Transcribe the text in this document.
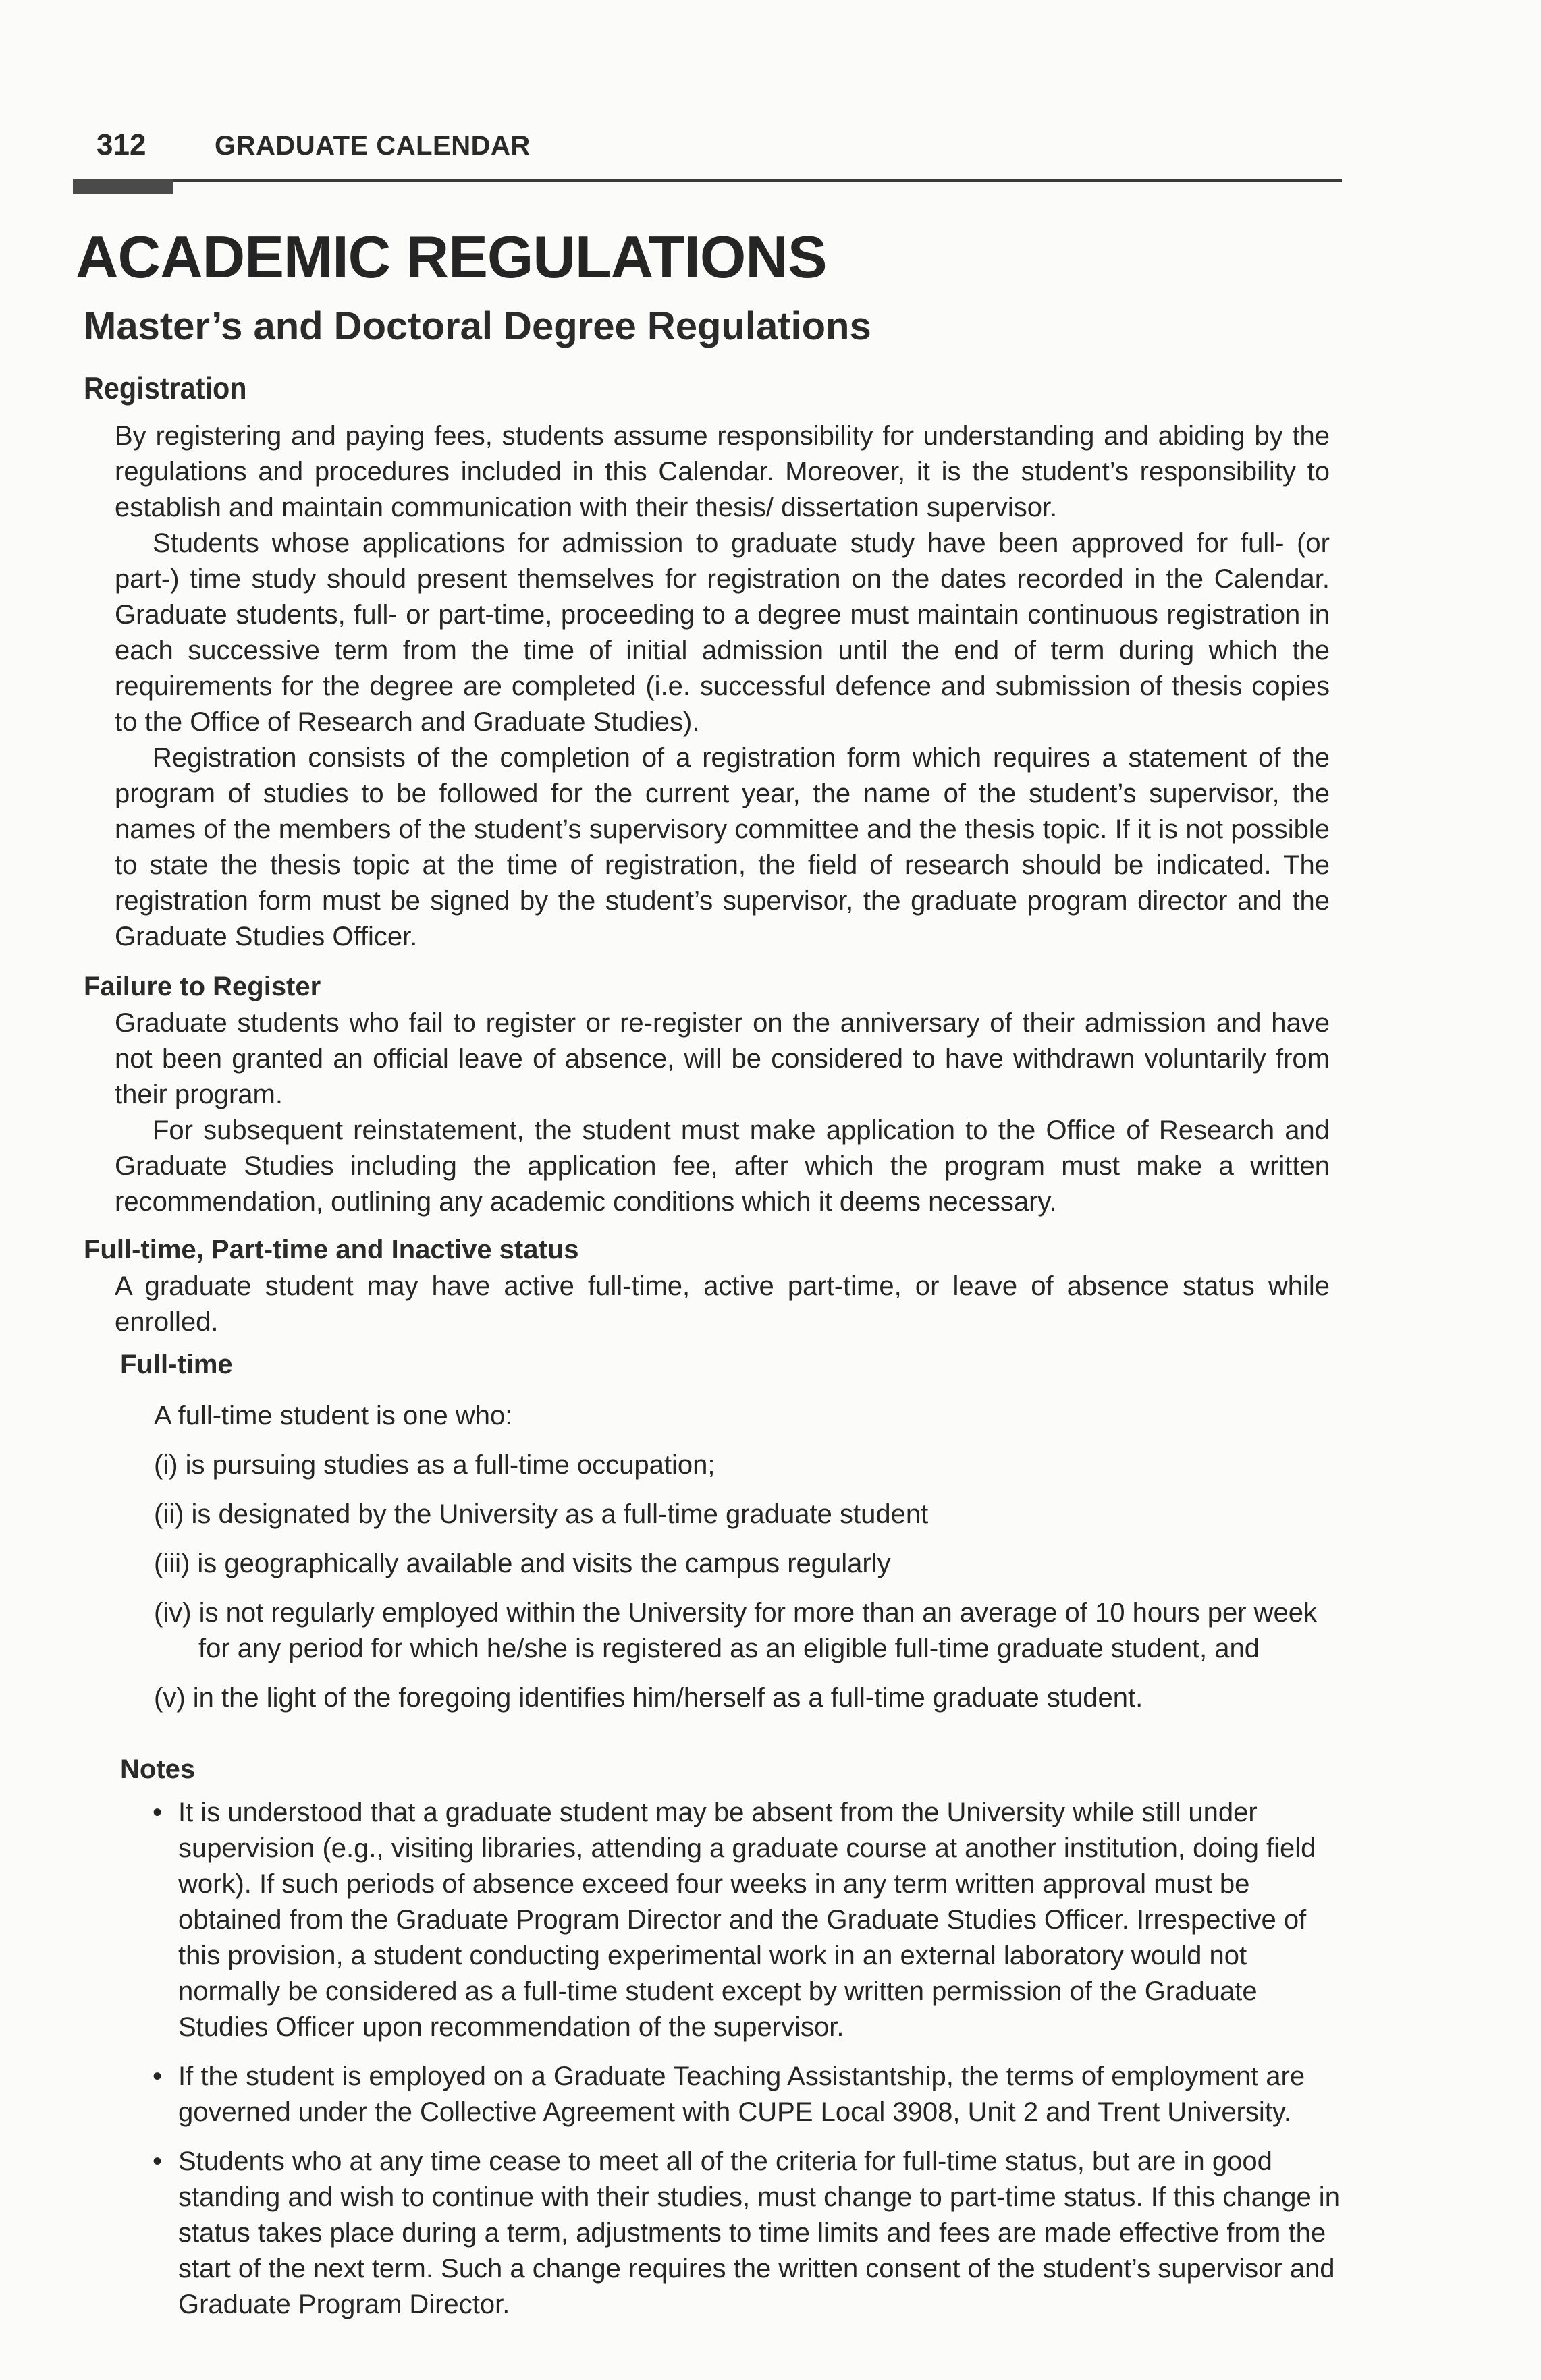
312	GRADUATE CALENDAR
ACADEMIC REGULATIONS
Master’s and Doctoral Degree Regulations
Registration

By registering and paying fees, students assume responsibility for understanding and abiding by the regulations and procedures included in this Calendar. Moreover, it is the student’s responsibility to establish and maintain communication with their thesis/ dissertation supervisor.

Students whose applications for admission to graduate study have been approved for full- (or part-) time study should present themselves for registration on the dates recorded in the Calendar. Graduate students, full- or part-time, proceeding to a degree must maintain continuous registration in each successive term from the time of initial admission until the end of term during which the requirements for the degree are completed (i.e. successful defence and submission of thesis copies to the Office of Research and Graduate Studies).

Registration consists of the completion of a registration form which requires a statement of the program of studies to be followed for the current year, the name of the student’s supervisor, the names of the members of the student’s supervisory committee and the thesis topic. If it is not possible to state the thesis topic at the time of registration, the field of research should be indicated. The registration form must be signed by the student’s supervisor, the graduate program director and the Graduate Studies Officer.

Failure to Register

Graduate students who fail to register or re-register on the anniversary of their admission and have not been granted an official leave of absence, will be considered to have withdrawn voluntarily from their program.

For subsequent reinstatement, the student must make application to the Office of Research and Graduate Studies including the application fee, after which the program must make a written recommendation, outlining any academic conditions which it deems necessary.

Full-time, Part-time and Inactive status

A graduate student may have active full-time, active part-time, or leave of absence status while enrolled.

Full-time
A full-time student is one who:
(i) is pursuing studies as a full-time occupation;
(ii) is designated by the University as a full-time graduate student
(iii) is geographically available and visits the campus regularly
(iv) is not regularly employed within the University for more than an average of 10 hours per week for any period for which he/she is registered as an eligible full-time graduate student, and
(v) in the light of the foregoing identifies him/herself as a full-time graduate student.
Notes
• It is understood that a graduate student may be absent from the University while still under supervision (e.g., visiting libraries, attending a graduate course at another institution, doing field work). If such periods of absence exceed four weeks in any term written approval must be obtained from the Graduate Program Director and the Graduate Studies Officer. Irrespective of this provision, a student conducting experimental work in an external laboratory would not normally be considered as a full-time student except by written permission of the Graduate Studies Officer upon recommendation of the supervisor.
• If the student is employed on a Graduate Teaching Assistantship, the terms of employment are governed under the Collective Agreement with CUPE Local 3908, Unit 2 and Trent University.
• Students who at any time cease to meet all of the criteria for full-time status, but are in good standing and wish to continue with their studies, must change to part-time status. If this change in status takes place during a term, adjustments to time limits and fees are made effective from the start of the next term. Such a change requires the written consent of the student’s supervisor and Graduate Program Director.
